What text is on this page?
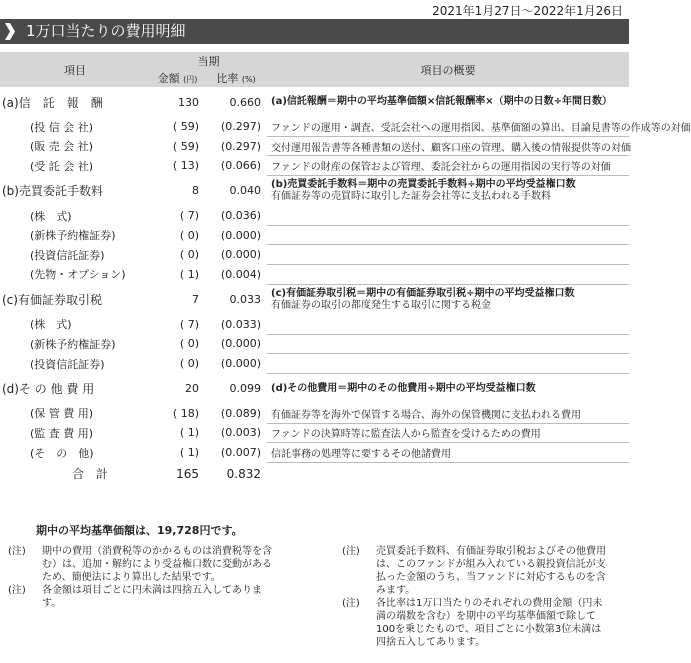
2021年1月27日〜2022年1月26日
1万口当たりの費用明細
項目	当期		項目の概要
	金額 (円)	比率 (%)	
(a)信　託　報　酬	130	0.660	(a)信託報酬＝期中の平均基準価額×信託報酬率×（期中の日数÷年間日数）

(投 信 会 社)	( 59)	(0.297)	ファンドの運用・調査、受託会社への運用指図、基準価額の算出、目論見書等の作成等の対価
(販 売 会 社)	( 59)	(0.297)	交付運用報告書等各種書類の送付、顧客口座の管理、購入後の情報提供等の対価
(受 託 会 社)	( 13)	(0.066)	ファンドの財産の保管および管理、委託会社からの運用指図の実行等の対価
(b)売買委託手数料	8	0.040	(b)売買委託手数料＝期中の売買委託手数料÷期中の平均受益権口数
有価証券等の売買時に取引した証券会社等に支払われる手数料

(株　式)	( 7)	(0.036)	
(新株予約権証券)	( 0)	(0.000)	
(投資信託証券)	( 0)	(0.000)	
(先物・オプション)	( 1)	(0.004)	
(c)有価証券取引税	7	0.033	(c)有価証券取引税＝期中の有価証券取引税÷期中の平均受益権口数
有価証券の取引の都度発生する取引に関する税金

(株　式)	( 7)	(0.033)	
(新株予約権証券)	( 0)	(0.000)	
(投資信託証券)	( 0)	(0.000)	
(d)そ の 他 費 用	20	0.099	(d)その他費用＝期中のその他費用÷期中の平均受益権口数

(保 管 費 用)	( 18)	(0.089)	有価証券等を海外で保管する場合、海外の保管機関に支払われる費用
(監 査 費 用)	( 1)	(0.003)	ファンドの決算時等に監査法人から監査を受けるための費用
(そ　の　他)	( 1)	(0.007)	信託事務の処理等に要するその他諸費用
合　計	165	0.832	
期中の平均基準価額は、19,728円です。
(注)	期中の費用（消費税等のかかるものは消費税等を含む）は、追加・解約により受益権口数に変動があるため、簡便法により算出した結果です。
(注)	各金額は項目ごとに円未満は四捨五入してあります。
(注)	売買委託手数料、有価証券取引税およびその他費用は、このファンドが組み入れている親投資信託が支払った金額のうち、当ファンドに対応するものを含みます。
(注)	各比率は1万口当たりのそれぞれの費用金額（円未満の端数を含む）を期中の平均基準価額で除して100を乗じたもので、項目ごとに小数第3位未満は四捨五入してあります。
